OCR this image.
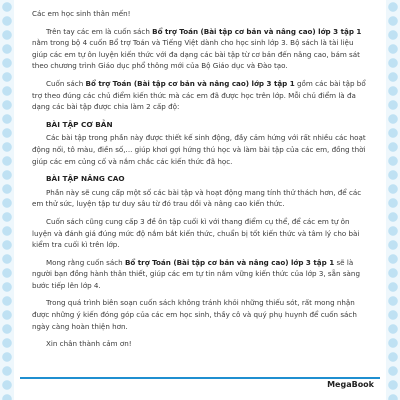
Các em học sinh thân mến!

Trên tay các em là cuốn sách Bổ trợ Toán (Bài tập cơ bản và nâng cao) lớp 3 tập 1 nằm trong bộ 4 cuốn Bổ trợ Toán và Tiếng Việt dành cho học sinh lớp 3. Bộ sách là tài liệu giúp các em tự ôn luyện kiến thức với đa dạng các bài tập từ cơ bản đến nâng cao, bám sát theo chương trình Giáo dục phổ thông mới của Bộ Giáo dục và Đào tạo.

Cuốn sách Bổ trợ Toán (Bài tập cơ bản và nâng cao) lớp 3 tập 1 gồm các bài tập bổ trợ theo đúng các chủ điểm kiến thức mà các em đã được học trên lớp. Mỗi chủ điểm là đa dạng các bài tập được chia làm 2 cấp độ:

BÀI TẬP CƠ BẢN

Các bài tập trong phần này được thiết kế sinh động, đầy cảm hứng với rất nhiều các hoạt động nối, tô màu, điền số,... giúp khơi gợi hứng thú học và làm bài tập của các em, đồng thời giúp các em củng cố và nắm chắc các kiến thức đã học.

BÀI TẬP NÂNG CAO

Phần này sẽ cung cấp một số các bài tập và hoạt động mang tính thử thách hơn, để các em thử sức, luyện tập tư duy sâu từ đó trau dồi và nâng cao kiến thức.

Cuốn sách cũng cung cấp 3 đề ôn tập cuối kì với thang điểm cụ thể, để các em tự ôn luyện và đánh giá đúng mức độ nắm bắt kiến thức, chuẩn bị tốt kiến thức và tâm lý cho bài kiểm tra cuối kì trên lớp.

Mong rằng cuốn sách Bổ trợ Toán (Bài tập cơ bản và nâng cao) lớp 3 tập 1 sẽ là người bạn đồng hành thân thiết, giúp các em tự tin nắm vững kiến thức của lớp 3, sẵn sàng bước tiếp lên lớp 4.

Trong quá trình biên soạn cuốn sách không tránh khỏi những thiếu sót, rất mong nhận được những ý kiến đóng góp của các em học sinh, thầy cô và quý phụ huynh để cuốn sách ngày càng hoàn thiện hơn.

Xin chân thành cảm ơn!

MegaBook
